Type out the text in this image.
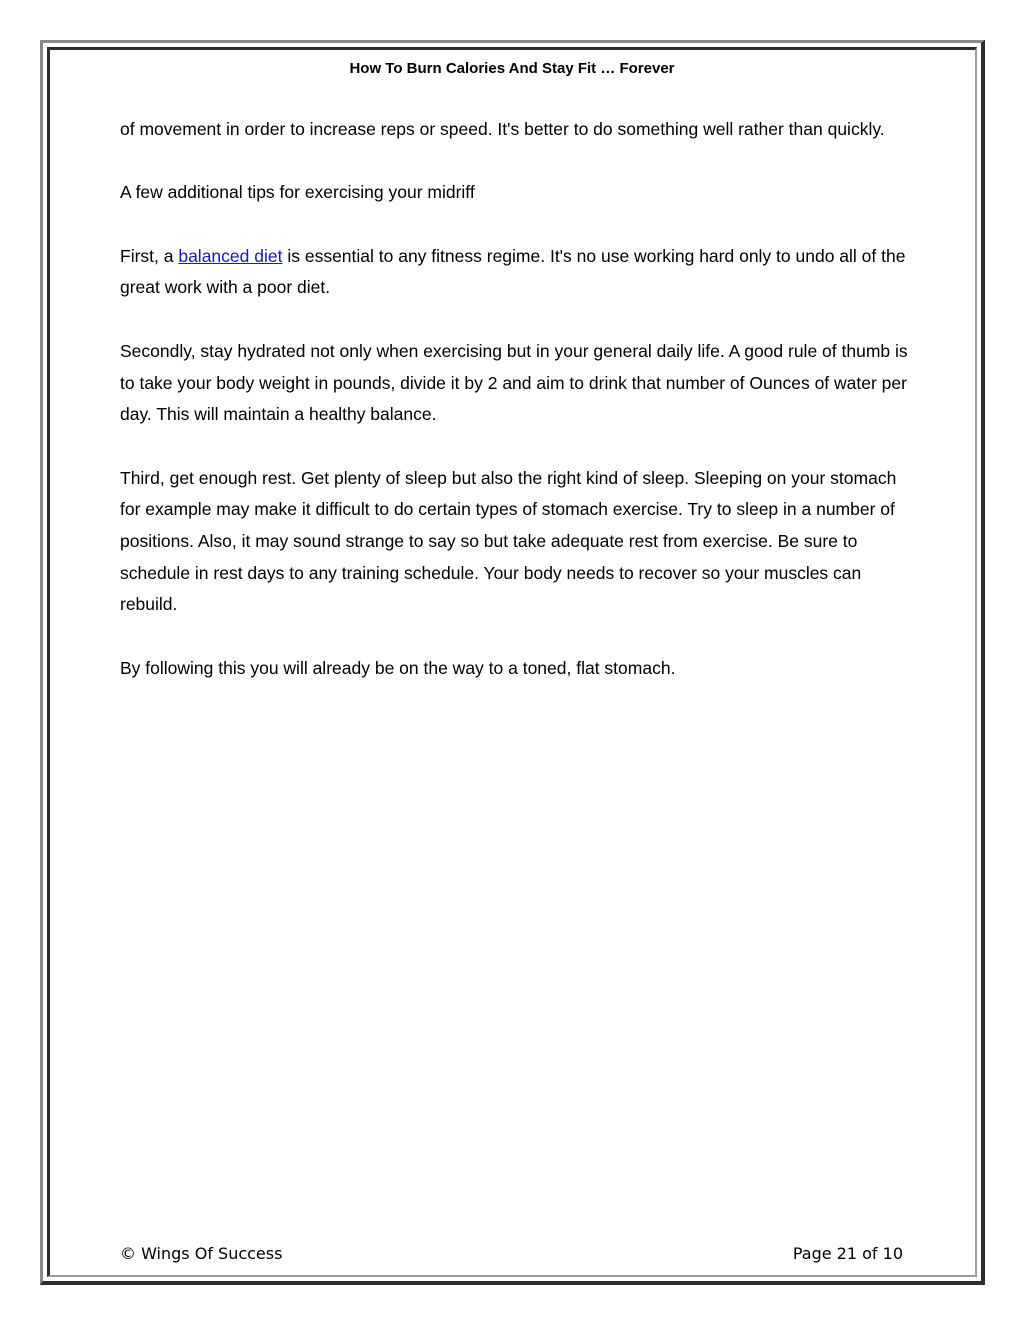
How To Burn Calories And Stay Fit … Forever

of movement in order to increase reps or speed. It's better to do something well rather than quickly.

A few additional tips for exercising your midriff

First, a balanced diet is essential to any fitness regime. It's no use working hard only to undo all of the great work with a poor diet.

Secondly, stay hydrated not only when exercising but in your general daily life. A good rule of thumb is to take your body weight in pounds, divide it by 2 and aim to drink that number of Ounces of water per day. This will maintain a healthy balance.

Third, get enough rest. Get plenty of sleep but also the right kind of sleep. Sleeping on your stomach for example may make it difficult to do certain types of stomach exercise. Try to sleep in a number of positions. Also, it may sound strange to say so but take adequate rest from exercise. Be sure to schedule in rest days to any training schedule. Your body needs to recover so your muscles can rebuild.

By following this you will already be on the way to a toned, flat stomach.

© Wings Of Success	Page 21 of 10
